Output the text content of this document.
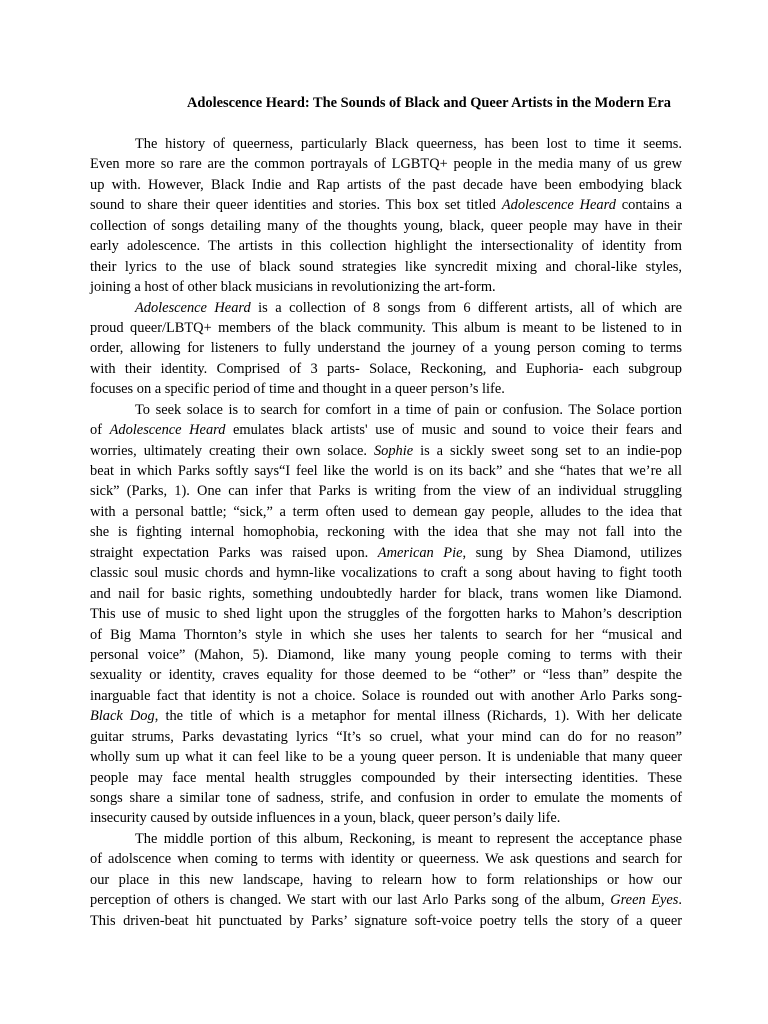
Adolescence Heard: The Sounds of Black and Queer Artists in the Modern Era
The history of queerness, particularly Black queerness, has been lost to time it seems.
Even more so rare are the common portrayals of LGBTQ+ people in the media many of us grew
up with. However, Black Indie and Rap artists of the past decade have been embodying black
sound to share their queer identities and stories. This box set titled Adolescence Heard contains a
collection of songs detailing many of the thoughts young, black, queer people may have in their
early adolescence. The artists in this collection highlight the intersectionality of identity from
their lyrics to the use of black sound strategies like syncredit mixing and choral-like styles,
joining a host of other black musicians in revolutionizing the art-form.
Adolescence Heard is a collection of 8 songs from 6 different artists, all of which are
proud queer/LBTQ+ members of the black community. This album is meant to be listened to in
order, allowing for listeners to fully understand the journey of a young person coming to terms
with their identity. Comprised of 3 parts- Solace, Reckoning, and Euphoria- each subgroup
focuses on a specific period of time and thought in a queer person’s life.
To seek solace is to search for comfort in a time of pain or confusion. The Solace portion
of Adolescence Heard emulates black artists' use of music and sound to voice their fears and
worries, ultimately creating their own solace. Sophie is a sickly sweet song set to an indie-pop
beat in which Parks softly says“I feel like the world is on its back” and she “hates that we’re all
sick” (Parks, 1). One can infer that Parks is writing from the view of an individual struggling
with a personal battle; “sick,” a term often used to demean gay people, alludes to the idea that
she is fighting internal homophobia, reckoning with the idea that she may not fall into the
straight expectation Parks was raised upon. American Pie, sung by Shea Diamond, utilizes
classic soul music chords and hymn-like vocalizations to craft a song about having to fight tooth
and nail for basic rights, something undoubtedly harder for black, trans women like Diamond.
This use of music to shed light upon the struggles of the forgotten harks to Mahon’s description
of Big Mama Thornton’s style in which she uses her talents to search for her “musical and
personal voice” (Mahon, 5). Diamond, like many young people coming to terms with their
sexuality or identity, craves equality for those deemed to be “other” or “less than” despite the
inarguable fact that identity is not a choice. Solace is rounded out with another Arlo Parks song-
Black Dog, the title of which is a metaphor for mental illness (Richards, 1). With her delicate
guitar strums, Parks devastating lyrics “It’s so cruel, what your mind can do for no reason”
wholly sum up what it can feel like to be a young queer person. It is undeniable that many queer
people may face mental health struggles compounded by their intersecting identities. These
songs share a similar tone of sadness, strife, and confusion in order to emulate the moments of
insecurity caused by outside influences in a youn, black, queer person’s daily life.
The middle portion of this album, Reckoning, is meant to represent the acceptance phase
of adolscence when coming to terms with identity or queerness. We ask questions and search for
our place in this new landscape, having to relearn how to form relationships or how our
perception of others is changed. We start with our last Arlo Parks song of the album, Green Eyes.
This driven-beat hit punctuated by Parks’ signature soft-voice poetry tells the story of a queer
